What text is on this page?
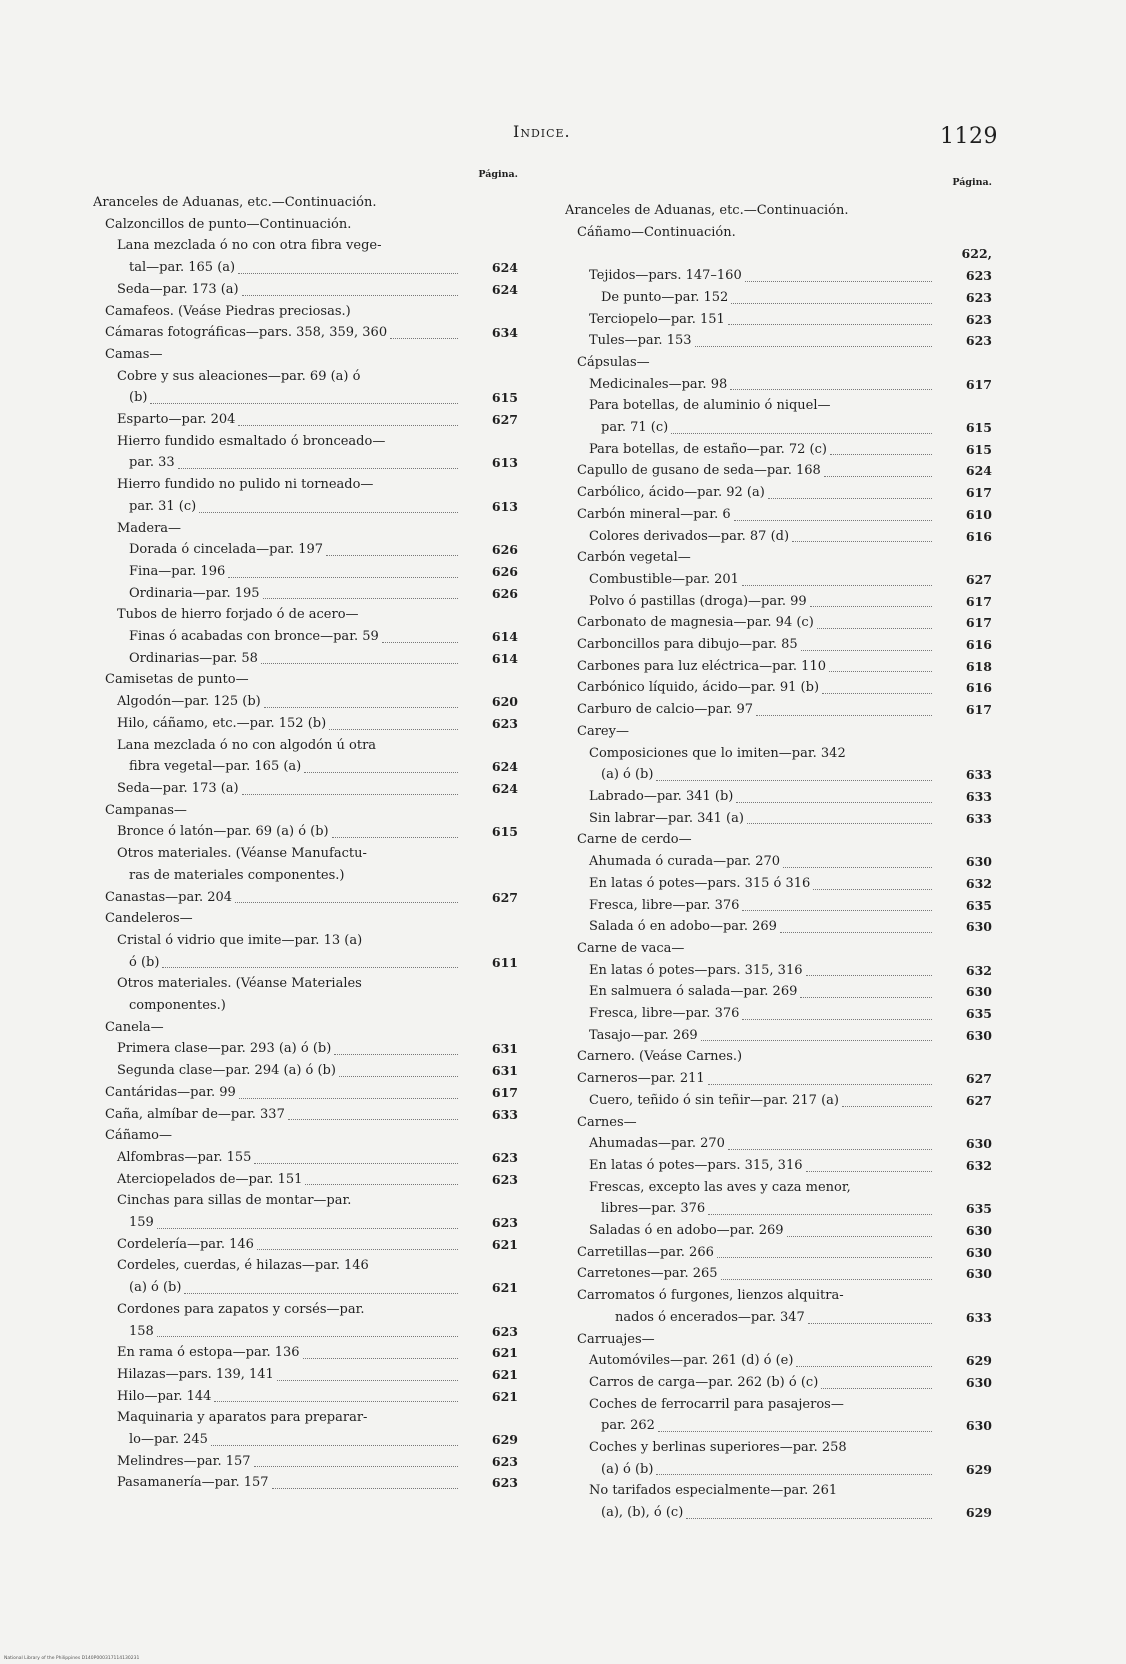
Indice.	1129
Página.
Aranceles de Aduanas, etc.—Continuación.
Calzoncillos de punto—Continuación.
Lana mezclada ó no con otra fibra vege-
tal—par. 165 (a)	624
Seda—par. 173 (a)	624
Camafeos. (Veáse Piedras preciosas.)
Cámaras fotográficas—pars. 358, 359, 360	634
Camas—
Cobre y sus aleaciones—par. 69 (a) ó
(b)	615
Esparto—par. 204	627
Hierro fundido esmaltado ó bronceado—
par. 33	613
Hierro fundido no pulido ni torneado—
par. 31 (c)	613
Madera—
Dorada ó cincelada—par. 197	626
Fina—par. 196	626
Ordinaria—par. 195	626
Tubos de hierro forjado ó de acero—
Finas ó acabadas con bronce—par. 59	614
Ordinarias—par. 58	614
Camisetas de punto—
Algodón—par. 125 (b)	620
Hilo, cáñamo, etc.—par. 152 (b)	623
Lana mezclada ó no con algodón ú otra
fibra vegetal—par. 165 (a)	624
Seda—par. 173 (a)	624
Campanas—
Bronce ó latón—par. 69 (a) ó (b)	615
Otros materiales. (Véanse Manufactu-
ras de materiales componentes.)
Canastas—par. 204	627
Candeleros—
Cristal ó vidrio que imite—par. 13 (a)
ó (b)	611
Otros materiales. (Véanse Materiales
componentes.)
Canela—
Primera clase—par. 293 (a) ó (b)	631
Segunda clase—par. 294 (a) ó (b)	631
Cantáridas—par. 99	617
Caña, almíbar de—par. 337	633
Cáñamo—
Alfombras—par. 155	623
Aterciopelados de—par. 151	623
Cinchas para sillas de montar—par.
159	623
Cordelería—par. 146	621
Cordeles, cuerdas, é hilazas—par. 146
(a) ó (b)	621
Cordones para zapatos y corsés—par.
158	623
En rama ó estopa—par. 136	621
Hilazas—pars. 139, 141	621
Hilo—par. 144	621
Maquinaria y aparatos para preparar-
lo—par. 245	629
Melindres—par. 157	623
Pasamanería—par. 157	623
Página.
Aranceles de Aduanas, etc.—Continuación.
Cáñamo—Continuación.
Tejidos—pars. 147–160
622, 623
De punto—par. 152	623
Terciopelo—par. 151	623
Tules—par. 153	623
Cápsulas—
Medicinales—par. 98	617
Para botellas, de aluminio ó niquel—
par. 71 (c)	615
Para botellas, de estaño—par. 72 (c)	615
Capullo de gusano de seda—par. 168	624
Carbólico, ácido—par. 92 (a)	617
Carbón mineral—par. 6	610
Colores derivados—par. 87 (d)	616
Carbón vegetal—
Combustible—par. 201	627
Polvo ó pastillas (droga)—par. 99	617
Carbonato de magnesia—par. 94 (c)	617
Carboncillos para dibujo—par. 85	616
Carbones para luz eléctrica—par. 110	618
Carbónico líquido, ácido—par. 91 (b)	616
Carburo de calcio—par. 97	617
Carey—
Composiciones que lo imiten—par. 342
(a) ó (b)	633
Labrado—par. 341 (b)	633
Sin labrar—par. 341 (a)	633
Carne de cerdo—
Ahumada ó curada—par. 270	630
En latas ó potes—pars. 315 ó 316	632
Fresca, libre—par. 376	635
Salada ó en adobo—par. 269	630
Carne de vaca—
En latas ó potes—pars. 315, 316	632
En salmuera ó salada—par. 269	630
Fresca, libre—par. 376	635
Tasajo—par. 269	630
Carnero. (Veáse Carnes.)
Carneros—par. 211	627
Cuero, teñido ó sin teñir—par. 217 (a)	627
Carnes—
Ahumadas—par. 270	630
En latas ó potes—pars. 315, 316	632
Frescas, excepto las aves y caza menor,
libres—par. 376	635
Saladas ó en adobo—par. 269	630
Carretillas—par. 266	630
Carretones—par. 265	630
Carromatos ó furgones, lienzos alquitra-
nados ó encerados—par. 347	633
Carruajes—
Automóviles—par. 261 (d) ó (e)	629
Carros de carga—par. 262 (b) ó (c)	630
Coches de ferrocarril para pasajeros—
par. 262	630
Coches y berlinas superiores—par. 258
(a) ó (b)	629
No tarifados especialmente—par. 261
(a), (b), ó (c)	629
National Library of the Philippines D140P000317114130231
